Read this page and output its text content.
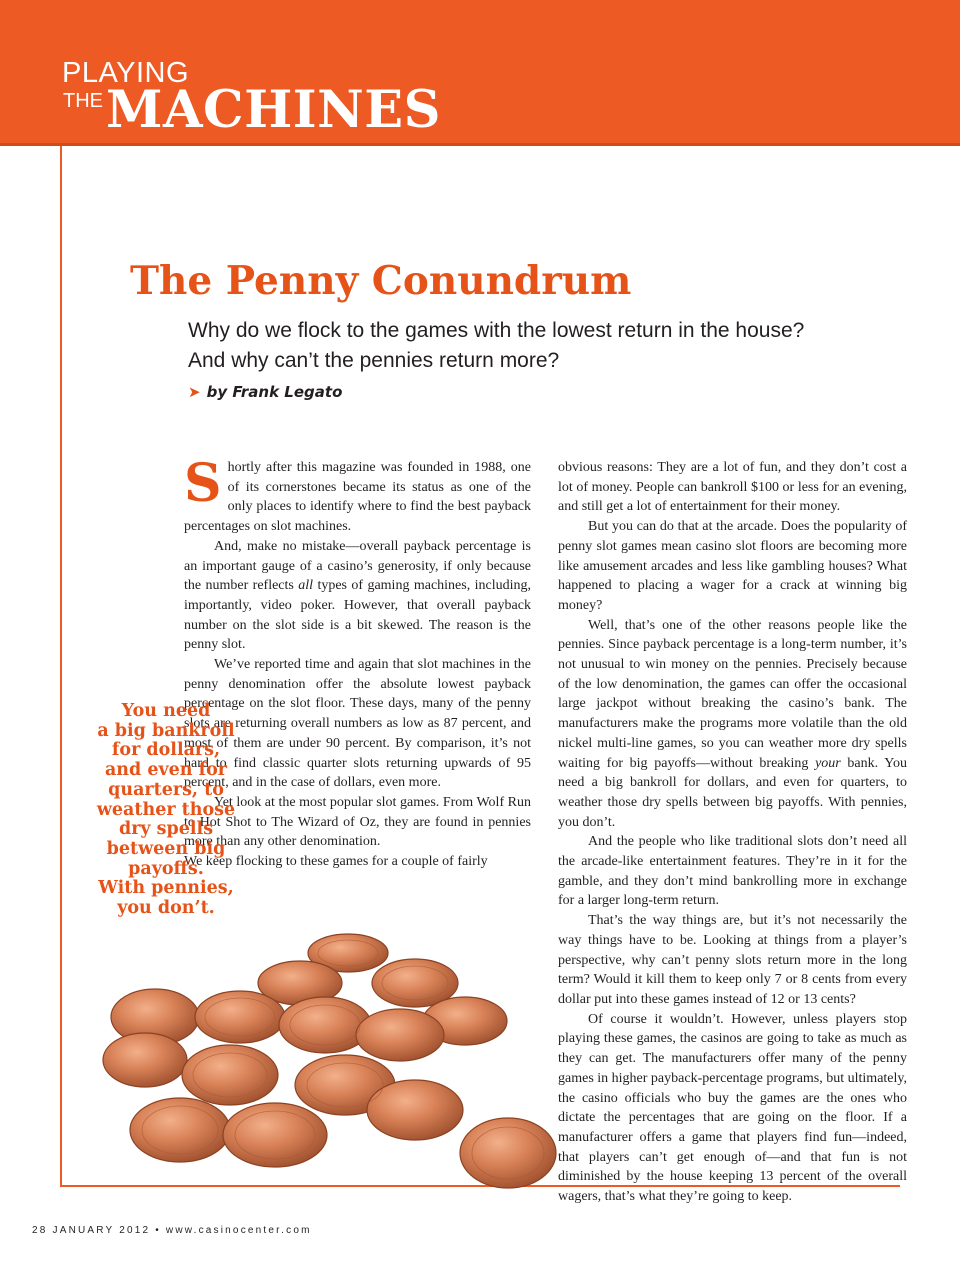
PLAYING
THE MACHINES
The Penny Conundrum
Why do we flock to the games with the lowest return in the house?
And why can’t the pennies return more?
➤ by Frank Legato
S hortly after this magazine was founded in 1988, one of its cornerstones became its status as one of the only places to identify where to find the best payback percentages on slot machines.

And, make no mistake—overall payback percentage is an important gauge of a casino’s generosity, if only because the number reflects all types of gaming machines, including, importantly, video poker. However, that overall payback number on the slot side is a bit skewed. The reason is the penny slot.

We’ve reported time and again that slot machines in the penny denomination offer the absolute lowest payback percentage on the slot floor. These days, many of the penny slots are returning overall numbers as low as 87 percent, and most of them are under 90 percent. By comparison, it’s not hard to find classic quarter slots returning upwards of 95 percent, and in the case of dollars, even more.

Yet look at the most popular slot games. From Wolf Run to Hot Shot to The Wizard of Oz, they are found in pennies more than any other denomination.

We keep flocking to these games for a couple of fairly

obvious reasons: They are a lot of fun, and they don’t cost a lot of money. People can bankroll $100 or less for an evening, and still get a lot of entertainment for their money.

But you can do that at the arcade. Does the popularity of penny slot games mean casino slot floors are becoming more like amusement arcades and less like gambling houses? What happened to placing a wager for a crack at winning big money?

Well, that’s one of the other reasons people like the pennies. Since payback percentage is a long-term number, it’s not unusual to win money on the pennies. Precisely because of the low denomination, the games can offer the occasional large jackpot without breaking the casino’s bank. The manufacturers make the programs more volatile than the old nickel multi-line games, so you can weather more dry spells waiting for big payoffs—without breaking your bank. You need a big bankroll for dollars, and even for quarters, to weather those dry spells between big payoffs. With pennies, you don’t.

And the people who like traditional slots don’t need all the arcade-like entertainment features. They’re in it for the gamble, and they don’t mind bankrolling more in exchange for a larger long-term return.

That’s the way things are, but it’s not necessarily the way things have to be. Looking at things from a player’s perspective, why can’t penny slots return more in the long term? Would it kill them to keep only 7 or 8 cents from every dollar put into these games instead of 12 or 13 cents?

Of course it wouldn’t. However, unless players stop playing these games, the casinos are going to take as much as they can get. The manufacturers offer many of the penny games in higher payback-percentage programs, but ultimately, the casino officials who buy the games are the ones who dictate the percentages that are going on the floor. If a manufacturer offers a game that players find fun—indeed, that players can’t get enough of—and that fun is not diminished by the house keeping 13 percent of the overall wagers, that’s what they’re going to keep.

You need
a big bankroll
for dollars,
and even for
quarters, to
weather those
dry spells
between big
payoffs.
With pennies,
you don’t.
28 JANUARY 2012 • www.casinocenter.com
